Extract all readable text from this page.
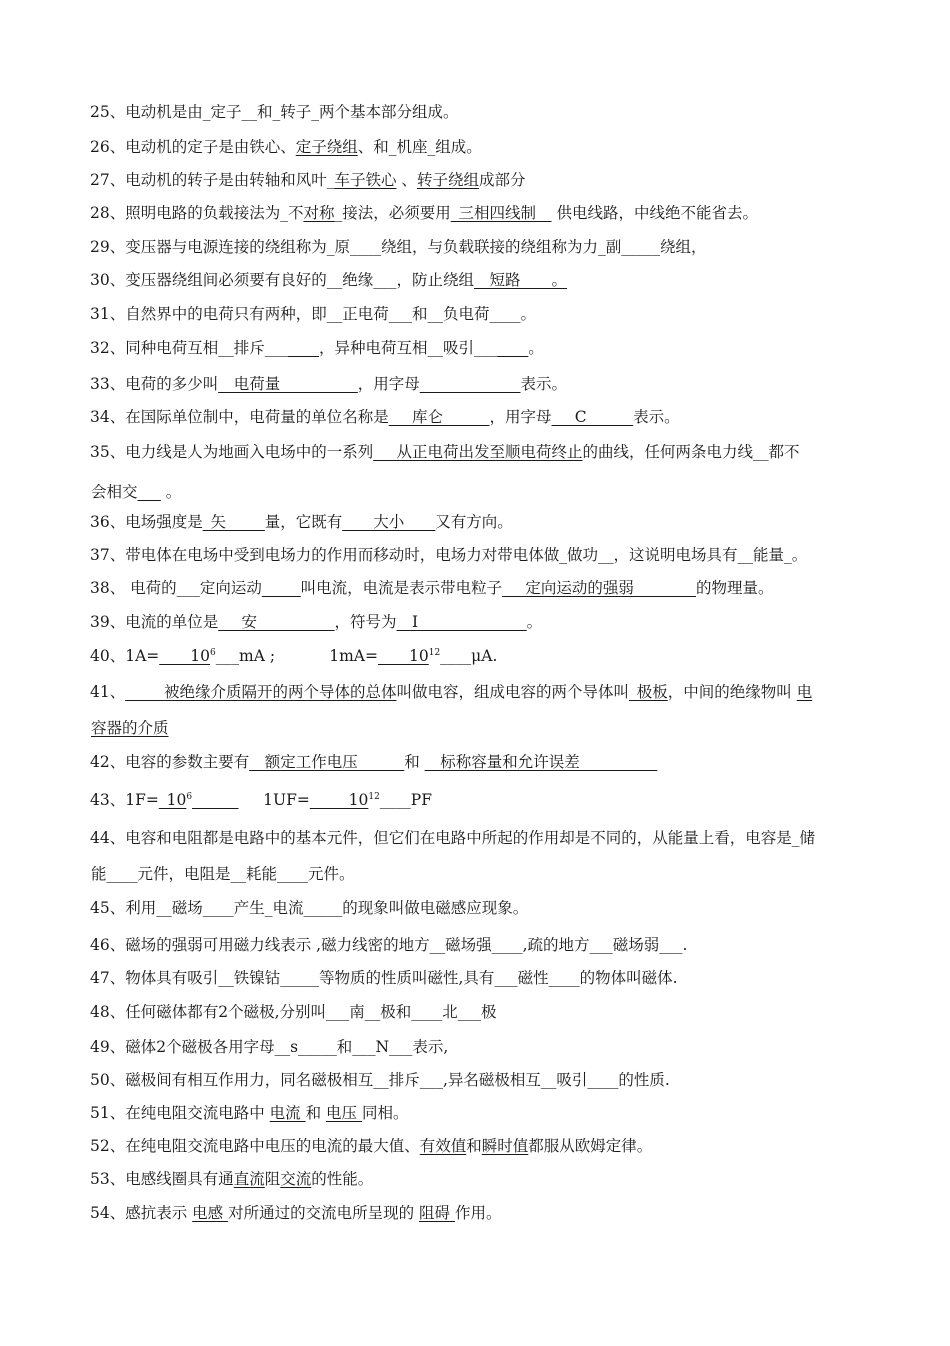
25、电动机是由_定子__和_转子_两个基本部分组成。
26、电动机的定子是由铁心、定子绕组、和_机座_组成。
27、电动机的转子是由转轴和风叶_车子铁心 、转子绕组成部分
28、照明电路的负载接法为_不对称_接法，必须要用_三相四线制__ 供电线路，中线绝不能省去。
29、变压器与电源连接的绕组称为_原____绕组，与负载联接的绕组称为力_副_____绕组，
30、变压器绕组间必须要有良好的__绝缘___，防止绕组__短路____。
31、自然界中的电荷只有两种，即__正电荷___和__负电荷____。
32、同种电荷互相__排斥_______，异种电荷互相__吸引_______。
33、电荷的多少叫__电荷量__________，用字母_____________表示。
34、在国际单位制中，电荷量的单位名称是___库仑______，用字母___C______表示。
35、电力线是人为地画入电场中的一系列___从正电荷出发至顺电荷终止的曲线，任何两条电力线__都不
会相交___ 。
36、电场强度是_矢_____量，它既有____大小____又有方向。
37、带电体在电场中受到电场力的作用而移动时，电场力对带电体做_做功__，这说明电场具有__能量_。
38、 电荷的___定向运动_____叫电流，电流是表示带电粒子___定向运动的强弱________的物理量。
39、电流的单位是___安__________，符号为__I______________。
40、$1A=\_\_\_\_10^6\_\_\_mA$ ;           $1mA=\_\_\_\_10^{12}\_\_\_\_\mu A$.
41、_____被绝缘介质隔开的两个导体的总体叫做电容，组成电容的两个导体叫_极板，中间的绝缘物叫 电
容器的介质
42、电容的参数主要有__额定工作电压______和 __标称容量和允许误差__________
43、$1F=\_10^6\_\_\_\_\_\_$     $1UF=\_\_\_\_\_10^{12}\_\_\_\_PF$
44、电容和电阻都是电路中的基本元件，但它们在电路中所起的作用却是不同的，从能量上看，电容是_储
能____元件，电阻是__耗能____元件。
45、利用__磁场____产生_电流_____的现象叫做电磁感应现象。
46、磁场的强弱可用磁力线表示 ,磁力线密的地方__磁场强____,疏的地方___磁场弱___.
47、物体具有吸引__铁镍钴_____等物质的性质叫磁性,具有___磁性____的物体叫磁体.
48、任何磁体都有2个磁极,分别叫___南__极和____北___极
49、磁体2个磁极各用字母__s_____和___N___表示,
50、磁极间有相互作用力，同名磁极相互__排斥___,异名磁极相互__吸引____的性质.
51、在纯电阻交流电路中 电流 和 电压 同相。
52、在纯电阻交流电路中电压的电流的最大值、有效值和瞬时值都服从欧姆定律。
53、电感线圈具有通直流阻交流的性能。
54、感抗表示 电感 对所通过的交流电所呈现的 阻碍 作用。
